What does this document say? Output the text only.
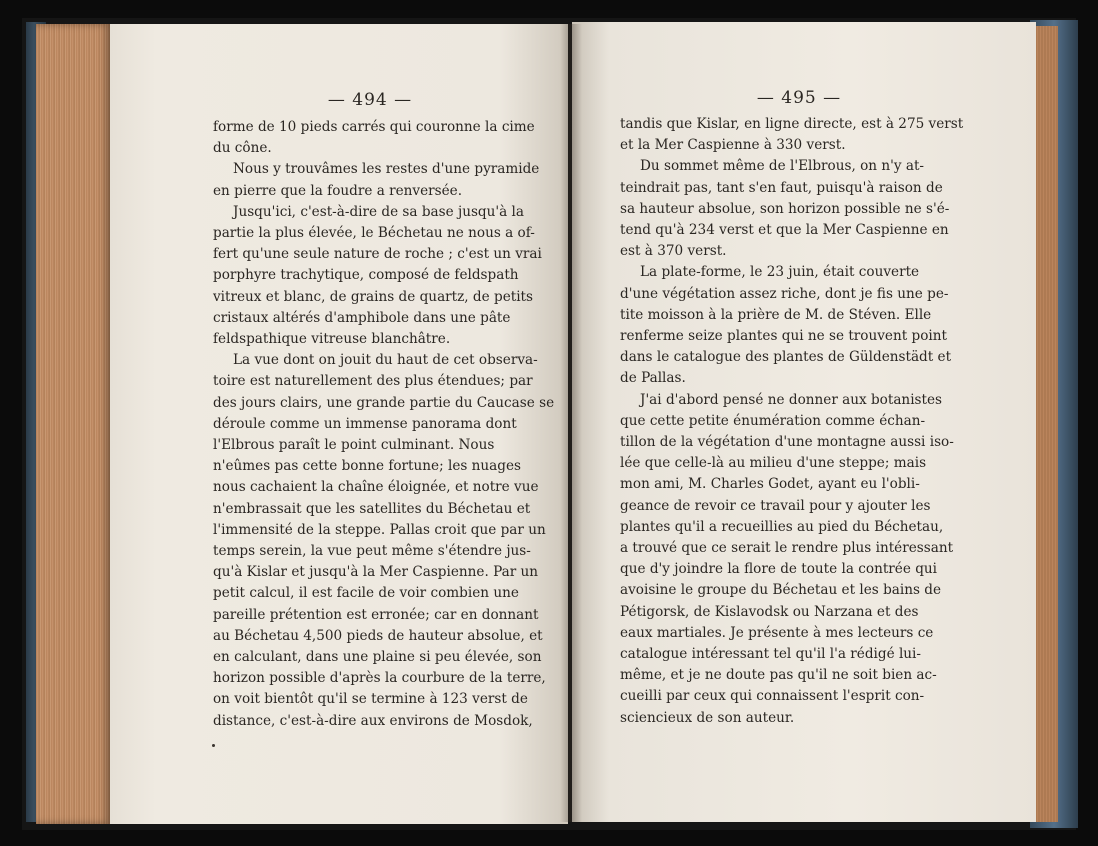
— 494 —
forme de 10 pieds carrés qui couronne la cime
du cône.
Nous y trouvâmes les restes d'une pyramide
en pierre que la foudre a renversée.
Jusqu'ici, c'est-à-dire de sa base jusqu'à la
partie la plus élevée, le Béchetau ne nous a of-
fert qu'une seule nature de roche ; c'est un vrai
porphyre trachytique, composé de feldspath
vitreux et blanc, de grains de quartz, de petits
cristaux altérés d'amphibole dans une pâte
feldspathique vitreuse blanchâtre.
La vue dont on jouit du haut de cet observa-
toire est naturellement des plus étendues; par
des jours clairs, une grande partie du Caucase se
déroule comme un immense panorama dont
l'Elbrous paraît le point culminant. Nous
n'eûmes pas cette bonne fortune; les nuages
nous cachaient la chaîne éloignée, et notre vue
n'embrassait que les satellites du Béchetau et
l'immensité de la steppe. Pallas croit que par un
temps serein, la vue peut même s'étendre jus-
qu'à Kislar et jusqu'à la Mer Caspienne. Par un
petit calcul, il est facile de voir combien une
pareille prétention est erronée; car en donnant
au Béchetau 4,500 pieds de hauteur absolue, et
en calculant, dans une plaine si peu élevée, son
horizon possible d'après la courbure de la terre,
on voit bientôt qu'il se termine à 123 verst de
distance, c'est-à-dire aux environs de Mosdok,
— 495 —
tandis que Kislar, en ligne directe, est à 275 verst
et la Mer Caspienne à 330 verst.
Du sommet même de l'Elbrous, on n'y at-
teindrait pas, tant s'en faut, puisqu'à raison de
sa hauteur absolue, son horizon possible ne s'é-
tend qu'à 234 verst et que la Mer Caspienne en
est à 370 verst.
La plate-forme, le 23 juin, était couverte
d'une végétation assez riche, dont je fis une pe-
tite moisson à la prière de M. de Stéven. Elle
renferme seize plantes qui ne se trouvent point
dans le catalogue des plantes de Güldenstädt et
de Pallas.
J'ai d'abord pensé ne donner aux botanistes
que cette petite énumération comme échan-
tillon de la végétation d'une montagne aussi iso-
lée que celle-là au milieu d'une steppe; mais
mon ami, M. Charles Godet, ayant eu l'obli-
geance de revoir ce travail pour y ajouter les
plantes qu'il a recueillies au pied du Béchetau,
a trouvé que ce serait le rendre plus intéressant
que d'y joindre la flore de toute la contrée qui
avoisine le groupe du Béchetau et les bains de
Pétigorsk, de Kislavodsk ou Narzana et des
eaux martiales. Je présente à mes lecteurs ce
catalogue intéressant tel qu'il l'a rédigé lui-
même, et je ne doute pas qu'il ne soit bien ac-
cueilli par ceux qui connaissent l'esprit con-
sciencieux de son auteur.
